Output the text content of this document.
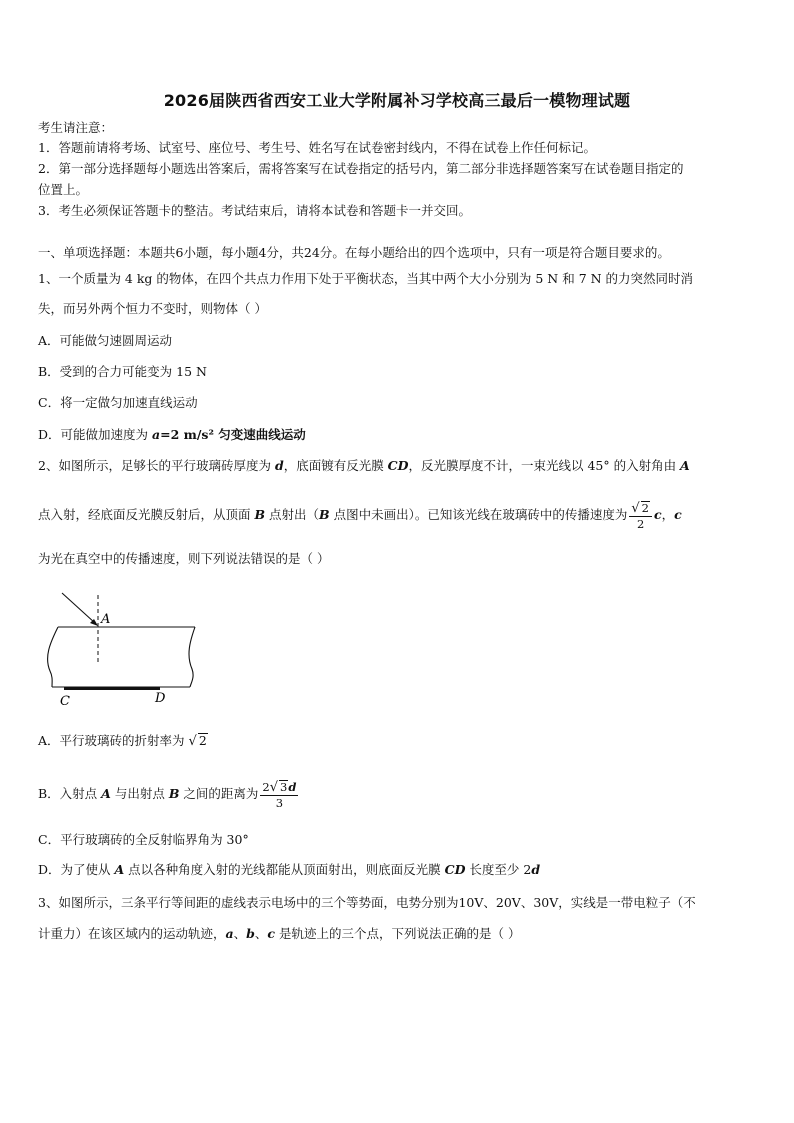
2026届陕西省西安工业大学附属补习学校高三最后一模物理试题
考生请注意：
1．答题前请将考场、试室号、座位号、考生号、姓名写在试卷密封线内，不得在试卷上作任何标记。
2．第一部分选择题每小题选出答案后，需将答案写在试卷指定的括号内，第二部分非选择题答案写在试卷题目指定的
位置上。
3．考生必须保证答题卡的整洁。考试结束后，请将本试卷和答题卡一并交回。
一、单项选择题：本题共6小题，每小题4分，共24分。在每小题给出的四个选项中，只有一项是符合题目要求的。
1、一个质量为 4 kg 的物体，在四个共点力作用下处于平衡状态，当其中两个大小分别为 5 N 和 7 N 的力突然同时消
失，而另外两个恒力不变时，则物体（ ）
A．可能做匀速圆周运动
B．受到的合力可能变为 15 N
C．将一定做匀加速直线运动
D．可能做加速度为 a=2 m/s² 匀变速曲线运动
2、如图所示，足够长的平行玻璃砖厚度为 d，底面镀有反光膜 CD，反光膜厚度不计，一束光线以 45° 的入射角由 A
点入射，经底面反光膜反射后，从顶面 B 点射出（B 点图中未画出）。已知该光线在玻璃砖中的传播速度为 $\frac{√ 2}{2}$ c，c
为光在真空中的传播速度，则下列说法错误的是（ ）
A
C	D
A．平行玻璃砖的折射率为 √ 2
B．入射点 A 与出射点 B 之间的距离为 $\frac{2√ 3d}{3}$
C．平行玻璃砖的全反射临界角为 30°
D．为了使从 A 点以各种角度入射的光线都能从顶面射出，则底面反光膜 CD 长度至少 2d
3、如图所示，三条平行等间距的虚线表示电场中的三个等势面，电势分别为10V、20V、30V，实线是一带电粒子（不
计重力）在该区域内的运动轨迹，a、b、c 是轨迹上的三个点，下列说法正确的是（ ）
